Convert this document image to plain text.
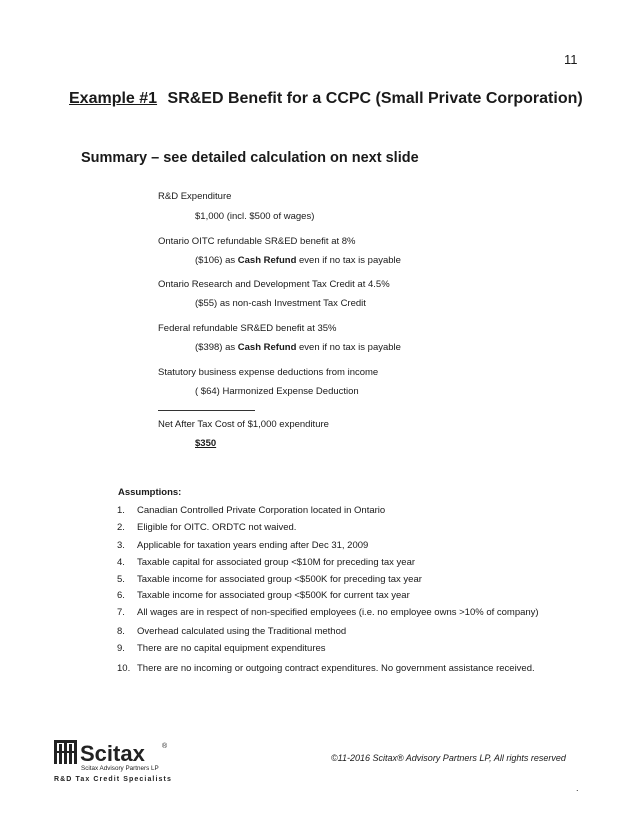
11
Example #1 SR&ED Benefit for a CCPC (Small Private Corporation)
Summary – see detailed calculation on next slide
R&D Expenditure
$1,000 (incl. $500 of wages)
Ontario OITC refundable SR&ED benefit at 8%
($106) as Cash Refund even if no tax is payable
Ontario Research and Development Tax Credit at 4.5%
($55) as non-cash Investment Tax Credit
Federal refundable SR&ED benefit at 35%
($398) as Cash Refund even if no tax is payable
Statutory business expense deductions from income
( $64) Harmonized Expense Deduction
Net After Tax Cost of $1,000 expenditure
$350
Assumptions:
1. Canadian Controlled Private Corporation located in Ontario
2. Eligible for OITC. ORDTC not waived.
3. Applicable for taxation years ending after Dec 31, 2009
4. Taxable capital for associated group <$10M for preceding tax year
5. Taxable income for associated group <$500K for preceding tax year
6. Taxable income for associated group <$500K for current tax year
7. All wages are in respect of non-specified employees (i.e. no employee owns >10% of company)
8. Overhead calculated using the Traditional method
9. There are no capital equipment expenditures
10. There are no incoming or outgoing contract expenditures. No government assistance received.
Scitax ®
Scitax Advisory Partners LP
R&D Tax Credit Specialists
©11-2016 Scitax® Advisory Partners LP, All rights reserved
.
